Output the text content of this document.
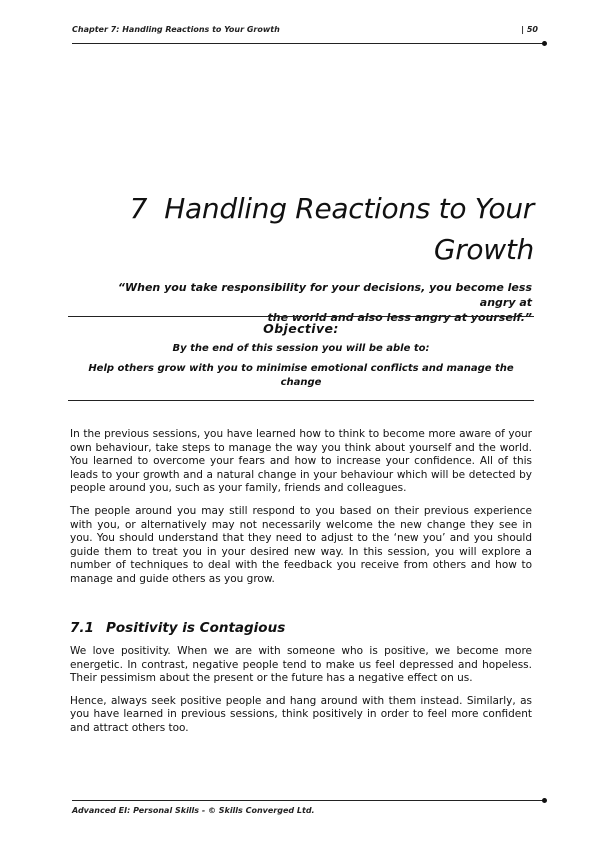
Chapter 7: Handling Reactions to Your Growth	| 50
7  Handling Reactions to Your
Growth
“When you take responsibility for your decisions, you become less angry at
the world and also less angry at yourself.”
Objective:
By the end of this session you will be able to:
Help others grow with you to minimise emotional conflicts and manage the
change

In the previous sessions, you have learned how to think to become more aware of your own behaviour, take steps to manage the way you think about yourself and the world. You learned to overcome your fears and how to increase your confidence. All of this leads to your growth and a natural change in your behaviour which will be detected by people around you, such as your family, friends and colleagues.

The people around you may still respond to you based on their previous experience with you, or alternatively may not necessarily welcome the new change they see in you. You should understand that they need to adjust to the ‘new you’ and you should guide them to treat you in your desired new way. In this session, you will explore a number of techniques to deal with the feedback you receive from others and how to manage and guide others as you grow.

7.1 Positivity is Contagious

We love positivity. When we are with someone who is positive, we become more energetic. In contrast, negative people tend to make us feel depressed and hopeless. Their pessimism about the present or the future has a negative effect on us.

Hence, always seek positive people and hang around with them instead. Similarly, as you have learned in previous sessions, think positively in order to feel more confident and attract others too.

Advanced EI: Personal Skills - © Skills Converged Ltd.
